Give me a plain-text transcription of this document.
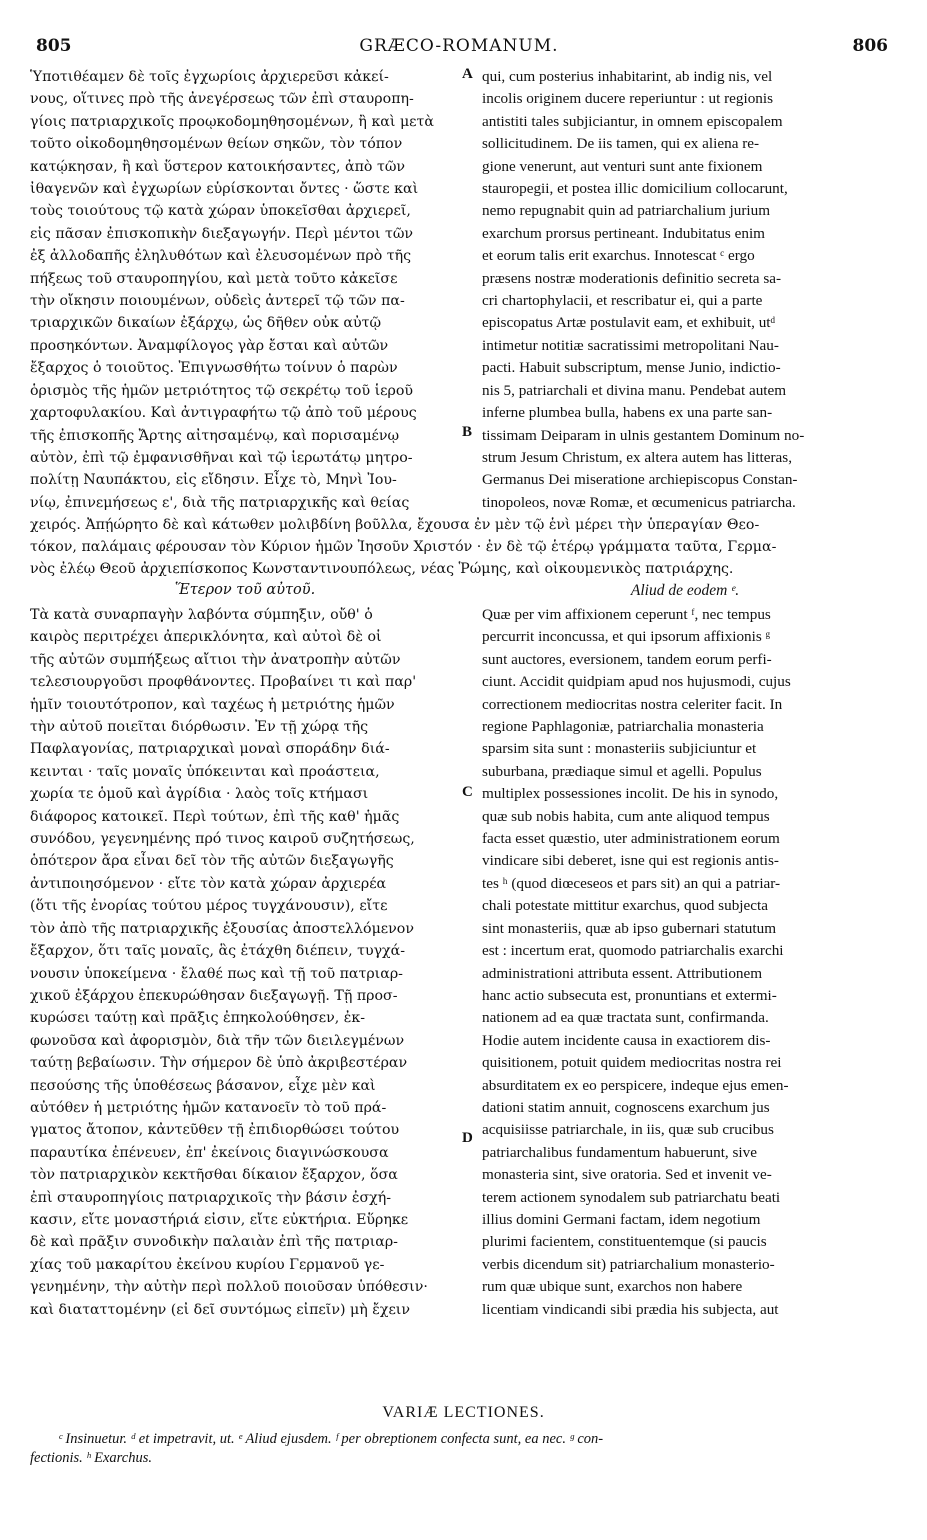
805	GRÆCO-ROMANUM.	806
Ὑποτιθέαμεν δὲ τοῖς ἐγχωρίοις ἀρχιερεῦσι κἀκεί-
νους, οἵτινες πρὸ τῆς ἀνεγέρσεως τῶν ἐπὶ σταυροπη-
γίοις πατριαρχικοῖς προῳκοδομηθησομένων, ἢ καὶ μετὰ
τοῦτο οἰκοδομηθησομένων θείων σηκῶν, τὸν τόπον
κατῴκησαν, ἢ καὶ ὕστερον κατοικήσαντες, ἀπὸ τῶν
ἰθαγενῶν καὶ ἐγχωρίων εὑρίσκονται ὄντες · ὥστε καὶ
τοὺς τοιούτους τῷ κατὰ χώραν ὑποκεῖσθαι ἀρχιερεῖ,
εἰς πᾶσαν ἐπισκοπικὴν διεξαγωγήν. Περὶ μέντοι τῶν
ἐξ ἀλλοδαπῆς ἐληλυθότων καὶ ἐλευσομένων πρὸ τῆς
πήξεως τοῦ σταυροπηγίου, καὶ μετὰ τοῦτο κἀκεῖσε
τὴν οἴκησιν ποιουμένων, οὐδεὶς ἀντερεῖ τῷ τῶν πα-
τριαρχικῶν δικαίων ἐξάρχῳ, ὡς δῆθεν οὐκ αὐτῷ
προσηκόντων. Ἀναμφίλογος γὰρ ἔσται καὶ αὐτῶν
ἔξαρχος ὁ τοιοῦτος. Ἐπιγνωσθήτω τοίνυν ὁ παρὼν
ὁρισμὸς τῆς ἡμῶν μετριότητος τῷ σεκρέτῳ τοῦ ἱεροῦ
χαρτοφυλακίου. Καὶ ἀντιγραφήτω τῷ ἀπὸ τοῦ μέρους
τῆς ἐπισκοπῆς Ἄρτης αἰτησαμένῳ, καὶ πορισαμένῳ
αὐτὸν, ἐπὶ τῷ ἐμφανισθῆναι καὶ τῷ ἱερωτάτῳ μητρο-
πολίτῃ Ναυπάκτου, εἰς εἴδησιν. Εἶχε τὸ, Μηνὶ Ἰου-
νίῳ, ἐπινεμήσεως ε', διὰ τῆς πατριαρχικῆς καὶ θείας
qui, cum posterius inhabitarint, ab indig nis, vel
incolis originem ducere reperiuntur : ut regionis
antistiti tales subjiciantur, in omnem episcopalem
sollicitudinem. De iis tamen, qui ex aliena re-
gione venerunt, aut venturi sunt ante fixionem
stauropegii, et postea illic domicilium collocarunt,
nemo repugnabit quin ad patriarchalium jurium
exarchum prorsus pertineant. Indubitatus enim
et eorum talis erit exarchus. Innotescat ᶜ ergo
præsens nostræ moderationis definitio secreta sa-
cri chartophylacii, et rescribatur ei, qui a parte
episcopatus Artæ postulavit eam, et exhibuit, utᵈ
intimetur notitiæ sacratissimi metropolitani Nau-
pacti. Habuit subscriptum, mense Junio, indictio-
nis 5, patriarchali et divina manu. Pendebat autem
inferne plumbea bulla, habens ex una parte san-
tissimam Deiparam in ulnis gestantem Dominum no-
strum Jesum Christum, ex altera autem has litteras,
Germanus Dei miseratione archiepiscopus Constan-
tinopoleos, novæ Romæ, et œcumenicus patriarcha.
A
B
C
D
χειρός. Ἀπῄώρητο δὲ καὶ κάτωθεν μολιβδίνη βοῦλλα, ἔχουσα ἐν μὲν τῷ ἑνὶ μέρει τὴν ὑπεραγίαν Θεο-
τόκον, παλάμαις φέρουσαν τὸν Κύριον ἡμῶν Ἰησοῦν Χριστόν · ἐν δὲ τῷ ἑτέρῳ γράμματα ταῦτα, Γερμα-
νὸς ἐλέῳ Θεοῦ ἀρχιεπίσκοπος Κωνσταντινουπόλεως, νέας Ῥώμης, καὶ οἰκουμενικὸς πατριάρχης.
Ἕτερον τοῦ αὐτοῦ.	Aliud de eodem ᵉ.
Τὰ κατὰ συναρπαγὴν λαβόντα σύμπηξιν, οὔθ' ὁ
καιρὸς περιτρέχει ἀπερικλόνητα, καὶ αὐτοὶ δὲ οἱ
τῆς αὐτῶν συμπήξεως αἴτιοι τὴν ἀνατροπὴν αὐτῶν
τελεσιουργοῦσι προφθάνοντες. Προβαίνει τι καὶ παρ'
ἡμῖν τοιουτότροπον, καὶ ταχέως ἡ μετριότης ἡμῶν
τὴν αὐτοῦ ποιεῖται διόρθωσιν. Ἐν τῇ χώρᾳ τῆς
Παφλαγονίας, πατριαρχικαὶ μοναὶ σποράδην διά-
κεινται · ταῖς μοναῖς ὑπόκεινται καὶ προάστεια,
χωρία τε ὁμοῦ καὶ ἀγρίδια · λαὸς τοῖς κτήμασι
διάφορος κατοικεῖ. Περὶ τούτων, ἐπὶ τῆς καθ' ἡμᾶς
συνόδου, γεγενημένης πρό τινος καιροῦ συζητήσεως,
ὁπότερον ἄρα εἶναι δεῖ τὸν τῆς αὐτῶν διεξαγωγῆς
ἀντιποιησόμενον · εἴτε τὸν κατὰ χώραν ἀρχιερέα
(ὅτι τῆς ἐνορίας τούτου μέρος τυγχάνουσιν), εἴτε
τὸν ἀπὸ τῆς πατριαρχικῆς ἐξουσίας ἀποστελλόμενον
ἔξαρχον, ὅτι ταῖς μοναῖς, ἃς ἐτάχθη διέπειν, τυγχά-
νουσιν ὑποκείμενα · ἔλαθέ πως καὶ τῇ τοῦ πατριαρ-
χικοῦ ἐξάρχου ἐπεκυρώθησαν διεξαγωγῇ. Τῇ προσ-
κυρώσει ταύτῃ καὶ πρᾶξις ἐπηκολούθησεν, ἐκ-
φωνοῦσα καὶ ἀφορισμὸν, διὰ τῆν τῶν διειλεγμένων
ταύτῃ βεβαίωσιν. Τὴν σήμερον δὲ ὑπὸ ἀκριβεστέραν
πεσούσης τῆς ὑποθέσεως βάσανον, εἶχε μὲν καὶ
αὐτόθεν ἡ μετριότης ἡμῶν κατανοεῖν τὸ τοῦ πρά-
γματος ἄτοπον, κἀντεῦθεν τῇ ἐπιδιορθώσει τούτου
παραυτίκα ἐπένευεν, ἐπ' ἐκείνοις διαγινώσκουσα
τὸν πατριαρχικὸν κεκτῆσθαι δίκαιον ἔξαρχον, ὅσα
ἐπὶ σταυροπηγίοις πατριαρχικοῖς τὴν βάσιν ἐσχή-
κασιν, εἴτε μοναστήριά εἰσιν, εἴτε εὐκτήρια. Εὕρηκε
δὲ καὶ πρᾶξιν συνοδικὴν παλαιὰν ἐπὶ τῆς πατριαρ-
χίας τοῦ μακαρίτου ἐκείνου κυρίου Γερμανοῦ γε-
γενημένην, τὴν αὐτὴν περὶ πολλοῦ ποιοῦσαν ὑπόθεσιν·
καὶ διαταττομένην (εἰ δεῖ συντόμως εἰπεῖν) μὴ ἔχειν
Quæ per vim affixionem ceperunt ᶠ, nec tempus
percurrit inconcussa, et qui ipsorum affixionis ᵍ
sunt auctores, eversionem, tandem eorum perfi-
ciunt. Accidit quidpiam apud nos hujusmodi, cujus
correctionem mediocritas nostra celeriter facit. In
regione Paphlagoniæ, patriarchalia monasteria
sparsim sita sunt : monasteriis subjiciuntur et
suburbana, prædiaque simul et agelli. Populus
multiplex possessiones incolit. De his in synodo,
quæ sub nobis habita, cum ante aliquod tempus
facta esset quæstio, uter administrationem eorum
vindicare sibi deberet, isne qui est regionis antis-
tes ʰ (quod diœceseos et pars sit) an qui a patriar-
chali potestate mittitur exarchus, quod subjecta
sint monasteriis, quæ ab ipso gubernari statutum
est : incertum erat, quomodo patriarchalis exarchi
administrationi attributa essent. Attributionem
hanc actio subsecuta est, pronuntians et extermi-
nationem ad ea quæ tractata sunt, confirmanda.
Hodie autem incidente causa in exactiorem dis-
quisitionem, potuit quidem mediocritas nostra rei
absurditatem ex eo perspicere, indeque ejus emen-
dationi statim annuit, cognoscens exarchum jus
acquisiisse patriarchale, in iis, quæ sub crucibus
patriarchalibus fundamentum habuerunt, sive
monasteria sint, sive oratoria. Sed et invenit ve-
terem actionem synodalem sub patriarchatu beati
illius domini Germani factam, idem negotium
plurimi facientem, constituentemque (si paucis
verbis dicendum sit) patriarchalium monasterio-
rum quæ ubique sunt, exarchos non habere
licentiam vindicandi sibi prædia his subjecta, aut
VARIÆ LECTIONES.
ᶜ Insinuetur. ᵈ et impetravit, ut. ᵉ Aliud ejusdem. ᶠ per obreptionem confecta sunt, ea nec. ᵍ con-
fectionis. ʰ Exarchus.
